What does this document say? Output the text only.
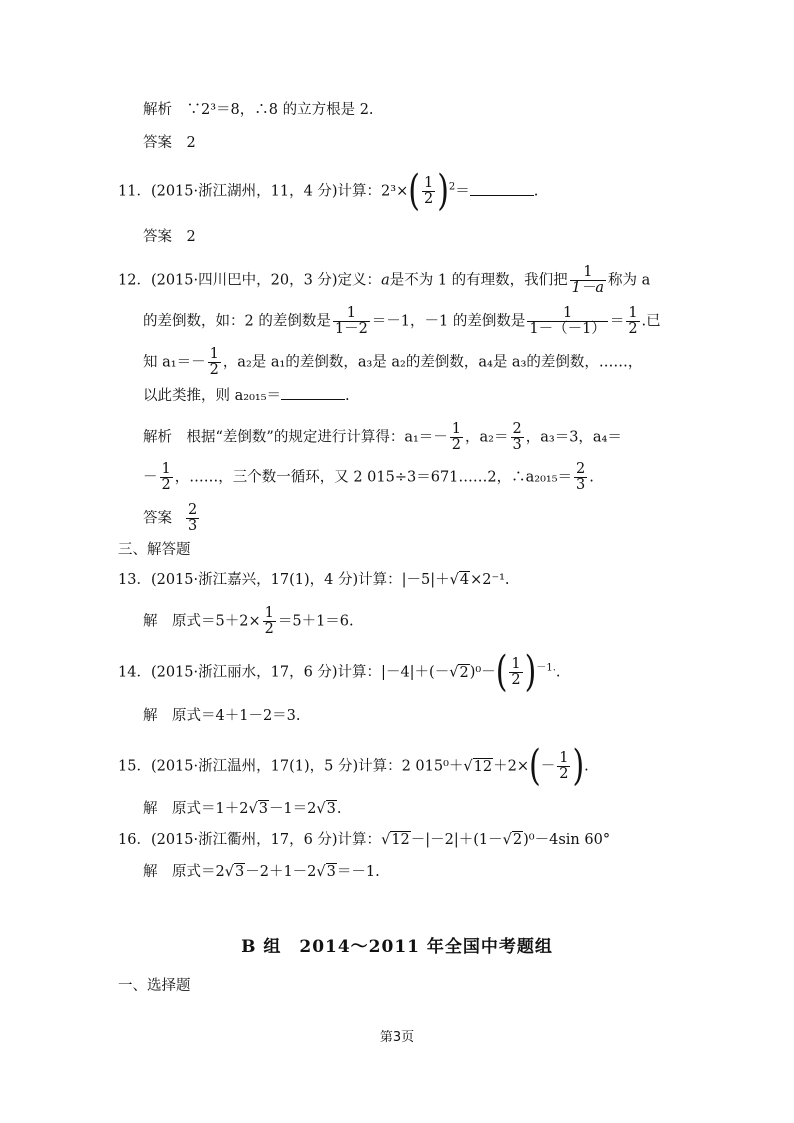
解析　∵2³＝8，∴8 的立方根是 2.
答案　2
11．(2015·浙江湖州，11，4 分)计算：$2^3\times( \frac{1}{2} )^2=$	.
答案　2
12．(2015·四川巴中，20，3 分)定义：a是不为 1 的有理数，我们把 $\frac{1}{1-a}$ 称为 a
的差倒数，如：2 的差倒数是 $\frac{1}{1-2} =-1$，－1 的差倒数是 $\frac{1}{1-(-1)} = \frac{1}{2}$ .已
知 $a_1=- \frac{1}{2}$ ，a₂是 a₁的差倒数，a₃是 a₂的差倒数，a₄是 a₃的差倒数，……，
以此类推，则 a₂₀₁₅＝	.
解析　根据“差倒数”的规定进行计算得：$a_1=- \frac{1}{2}$ ，$a_2= \frac{2}{3}$ ，a₃＝3，a₄＝
－ $\frac{1}{2}$ ，……，三个数一循环，又 2 015÷3＝671……2，∴a₂₀₁₅＝ $\frac{2}{3}$ .
答案 $\frac{2}{3}$
三、解答题
13．(2015·浙江嘉兴，17(1)，4 分)计算：|－5|＋√4×2⁻¹.
解　原式$=5+2\times \frac{1}{2} =5+1=6$.
14．(2015·浙江丽水，17，6 分)计算：$|-4|+(-√2)^0-( \frac{1}{2} )^{-1.}$.
解　原式＝4＋1－2＝3.
15．(2015·浙江温州，17(1)，5 分)计算：2 $015^0+√12+2\times(- \frac{1}{2}$ ).
解　原式＝1＋2√3－1＝2√3.
16．(2015·浙江衢州，17，6 分)计算：√12－|－2|＋(1－√2)⁰－4sin 60°
解　原式＝2√3－2＋1－2√3＝－1.
B 组　2014～2011 年全国中考题组
一、选择题
第3页
